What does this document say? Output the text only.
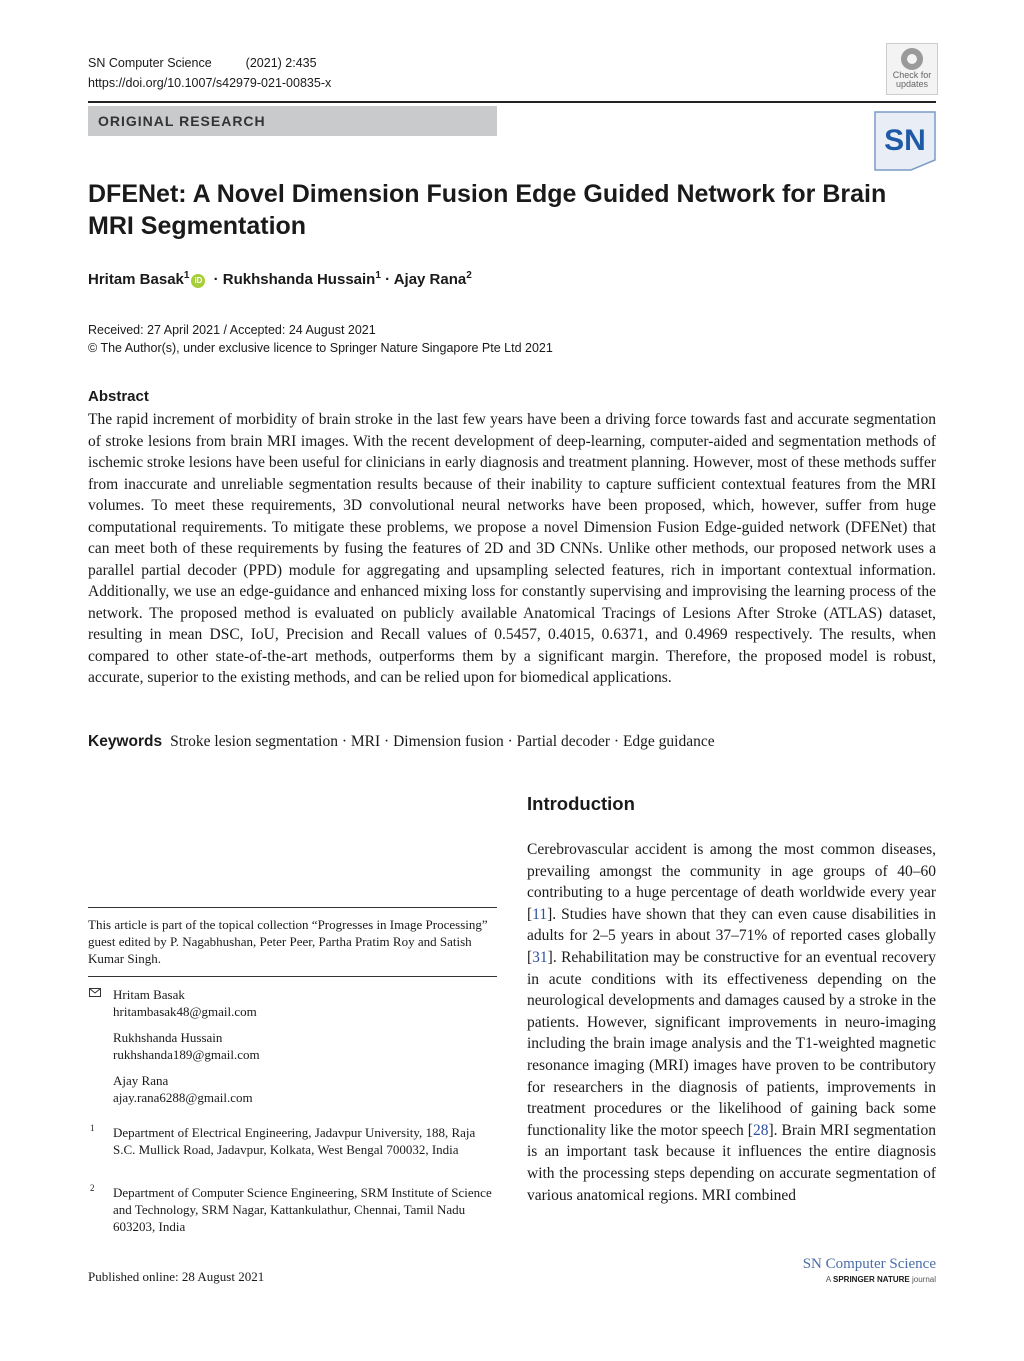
SN Computer Science	(2021) 2:435
https://doi.org/10.1007/s42979-021-00835-x
ORIGINAL RESEARCH
Check for updates
SN
DFENet: A Novel Dimension Fusion Edge Guided Network for Brain MRI Segmentation
Hritam Basak$^1$ iD · Rukhshanda Hussain$^1$ · Ajay Rana$^2$
Received: 27 April 2021 / Accepted: 24 August 2021
© The Author(s), under exclusive licence to Springer Nature Singapore Pte Ltd 2021
Abstract
The rapid increment of morbidity of brain stroke in the last few years have been a driving force towards fast and accurate segmentation of stroke lesions from brain MRI images. With the recent development of deep-learning, computer-aided and segmentation methods of ischemic stroke lesions have been useful for clinicians in early diagnosis and treatment planning. However, most of these methods suffer from inaccurate and unreliable segmentation results because of their inability to capture sufficient contextual features from the MRI volumes. To meet these requirements, 3D convolutional neural networks have been proposed, which, however, suffer from huge computational requirements. To mitigate these problems, we propose a novel Dimension Fusion Edge-guided network (DFENet) that can meet both of these requirements by fusing the features of 2D and 3D CNNs. Unlike other methods, our proposed network uses a parallel partial decoder (PPD) module for aggregating and upsampling selected features, rich in important contextual information. Additionally, we use an edge-guidance and enhanced mixing loss for constantly supervising and improvising the learning process of the network. The proposed method is evaluated on publicly available Anatomical Tracings of Lesions After Stroke (ATLAS) dataset, resulting in mean DSC, IoU, Precision and Recall values of 0.5457, 0.4015, 0.6371, and 0.4969 respectively. The results, when compared to other state-of-the-art methods, outperforms them by a significant margin. Therefore, the proposed model is robust, accurate, superior to the existing methods, and can be relied upon for biomedical applications.
Keywords Stroke lesion segmentation · MRI · Dimension fusion · Partial decoder · Edge guidance
Introduction
Cerebrovascular accident is among the most common diseases, prevailing amongst the community in age groups of 40–60 contributing to a huge percentage of death worldwide every year [11]. Studies have shown that they can even cause disabilities in adults for 2–5 years in about 37–71% of reported cases globally [31]. Rehabilitation may be constructive for an eventual recovery in acute conditions with its effectiveness depending on the neurological developments and damages caused by a stroke in the patients. However, significant improvements in neuro-imaging including the brain image analysis and the T1-weighted magnetic resonance imaging (MRI) images have proven to be contributory for researchers in the diagnosis of patients, improvements in treatment procedures or the likelihood of gaining back some functionality like the motor speech [28]. Brain MRI segmentation is an important task because it influences the entire diagnosis with the processing steps depending on accurate segmentation of various anatomical regions. MRI combined
This article is part of the topical collection “Progresses in Image Processing” guest edited by P. Nagabhushan, Peter Peer, Partha Pratim Roy and Satish Kumar Singh.
Hritam Basak
hritambasak48@gmail.com
Rukhshanda Hussain
rukhshanda189@gmail.com
Ajay Rana
ajay.rana6288@gmail.com
1 Department of Electrical Engineering, Jadavpur University, 188, Raja S.C. Mullick Road, Jadavpur, Kolkata, West Bengal 700032, India
2 Department of Computer Science Engineering, SRM Institute of Science and Technology, SRM Nagar, Kattankulathur, Chennai, Tamil Nadu 603203, India
Published online: 28 August 2021
SN Computer Science
A SPRINGER NATURE journal
